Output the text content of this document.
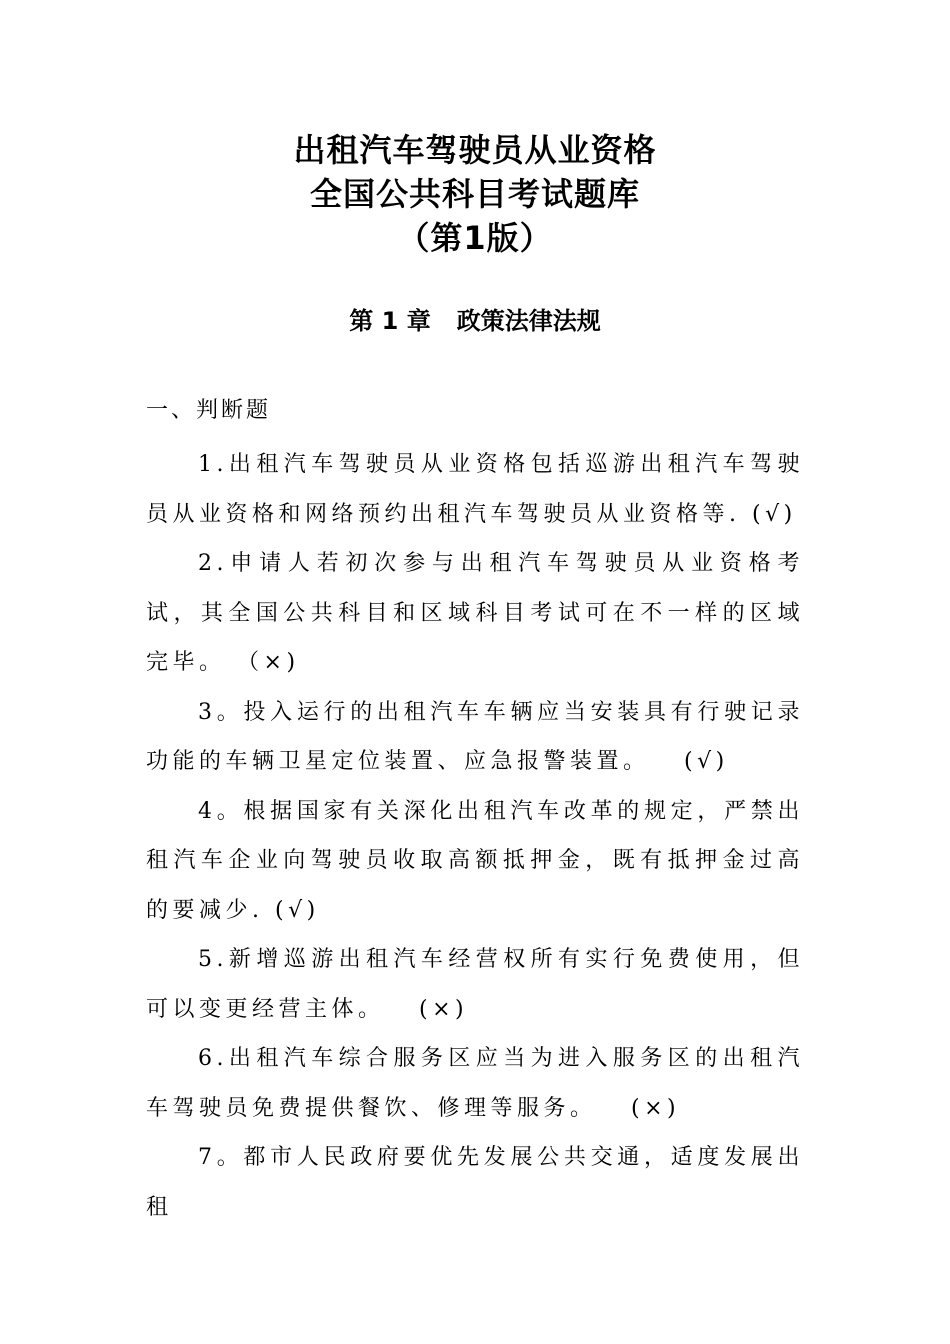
出租汽车驾驶员从业资格
全国公共科目考试题库
（第1版）
第 1 章 政策法律法规
一、判断题

1.出租汽车驾驶员从业资格包括巡游出租汽车驾驶员从业资格和网络预约出租汽车驾驶员从业资格等. (√)

2.申请人若初次参与出租汽车驾驶员从业资格考试，其全国公共科目和区域科目考试可在不一样的区域完毕。 （×)

3。投入运行的出租汽车车辆应当安装具有行驶记录功能的车辆卫星定位装置、应急报警装置。   (√)

4。根据国家有关深化出租汽车改革的规定，严禁出租汽车企业向驾驶员收取高额抵押金，既有抵押金过高的要减少. (√)

5.新增巡游出租汽车经营权所有实行免费使用，但可以变更经营主体。   (×)

6.出租汽车综合服务区应当为进入服务区的出租汽车驾驶员免费提供餐饮、修理等服务。   (×)

7。都市人民政府要优先发展公共交通，适度发展出租
